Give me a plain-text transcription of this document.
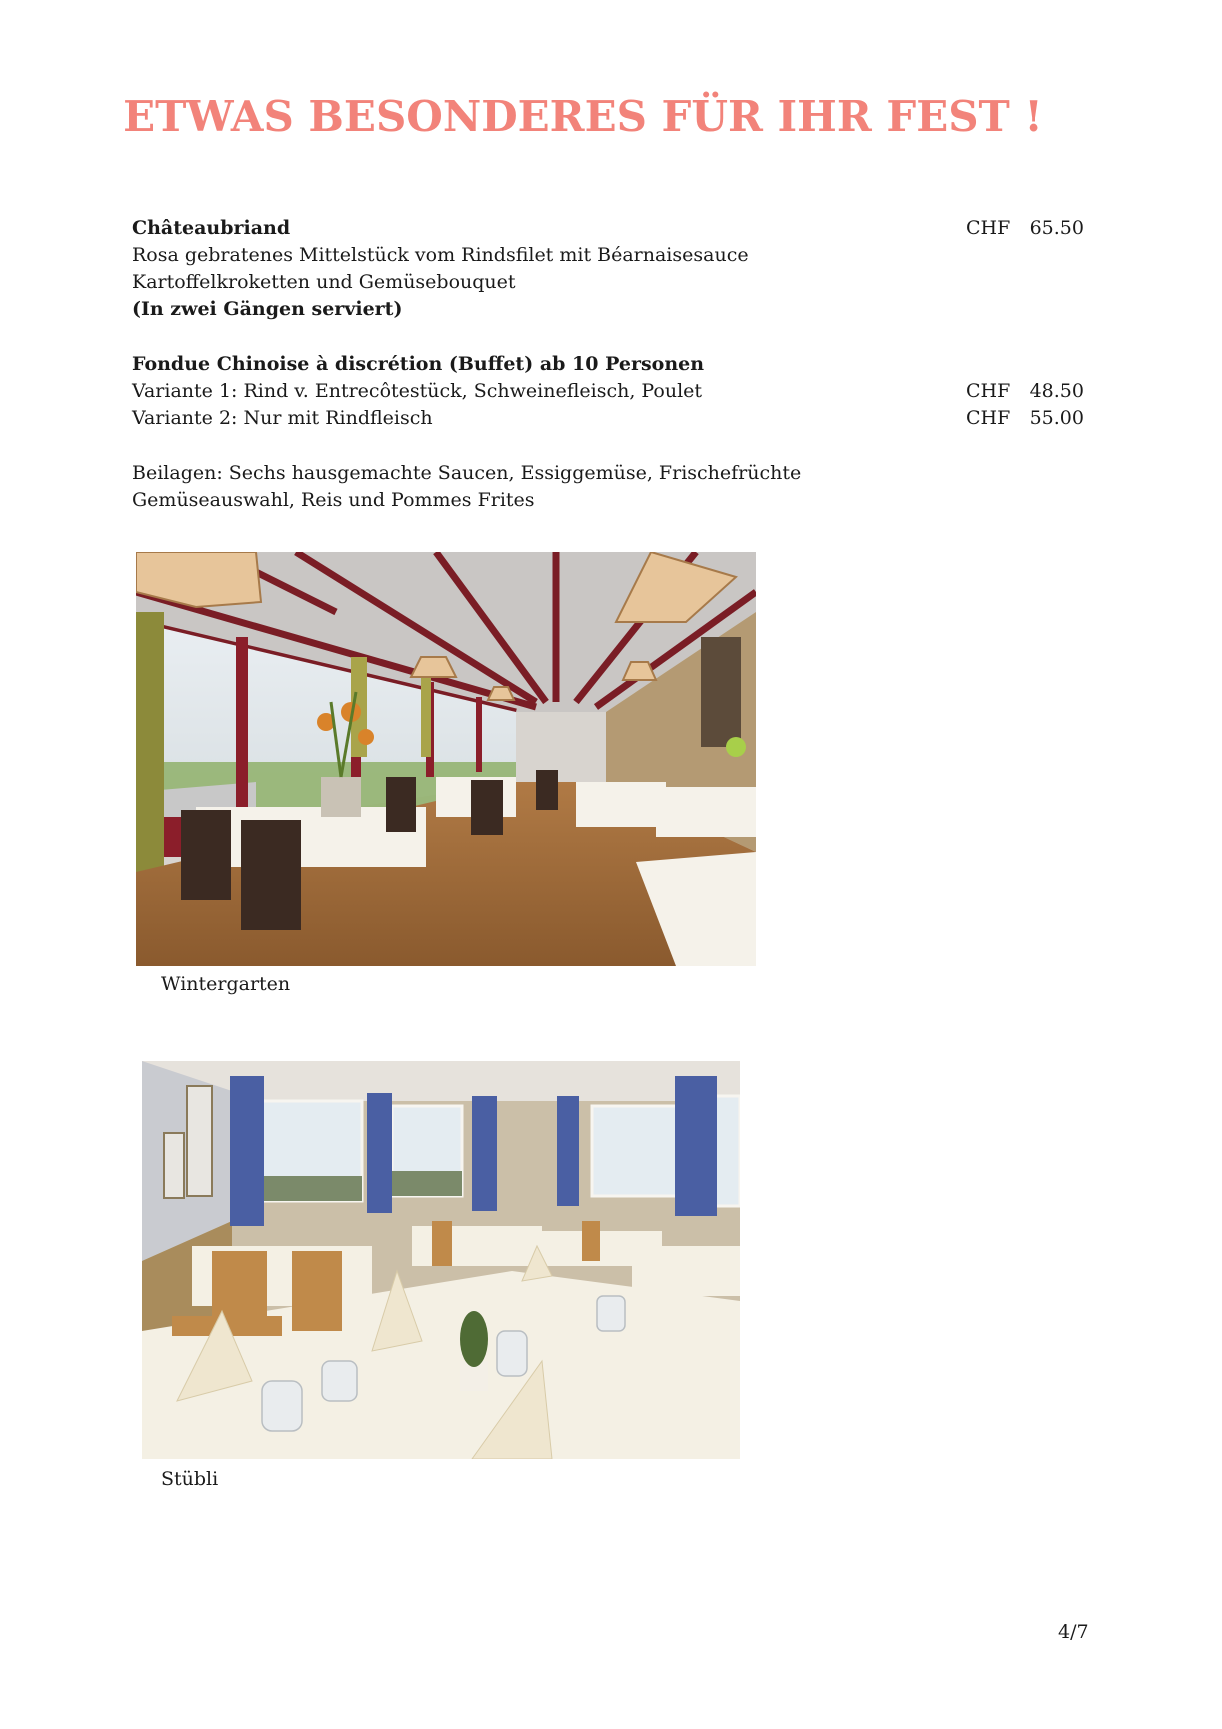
ETWAS BESONDERES FÜR IHR FEST !
Châteaubriand	CHF 65.50
Rosa gebratenes Mittelstück vom Rindsfilet mit Béarnaisesauce
Kartoffelkroketten und Gemüsebouquet
(In zwei Gängen serviert)
Fondue Chinoise à discrétion (Buffet) ab 10 Personen
Variante 1: Rind v. Entrecôtestück, Schweinefleisch, Poulet	CHF 48.50
Variante 2: Nur mit Rindfleisch	CHF 55.00
Beilagen: Sechs hausgemachte Saucen, Essiggemüse, Frischefrüchte
Gemüseauswahl, Reis und Pommes Frites
Wintergarten
Stübli
4/7
